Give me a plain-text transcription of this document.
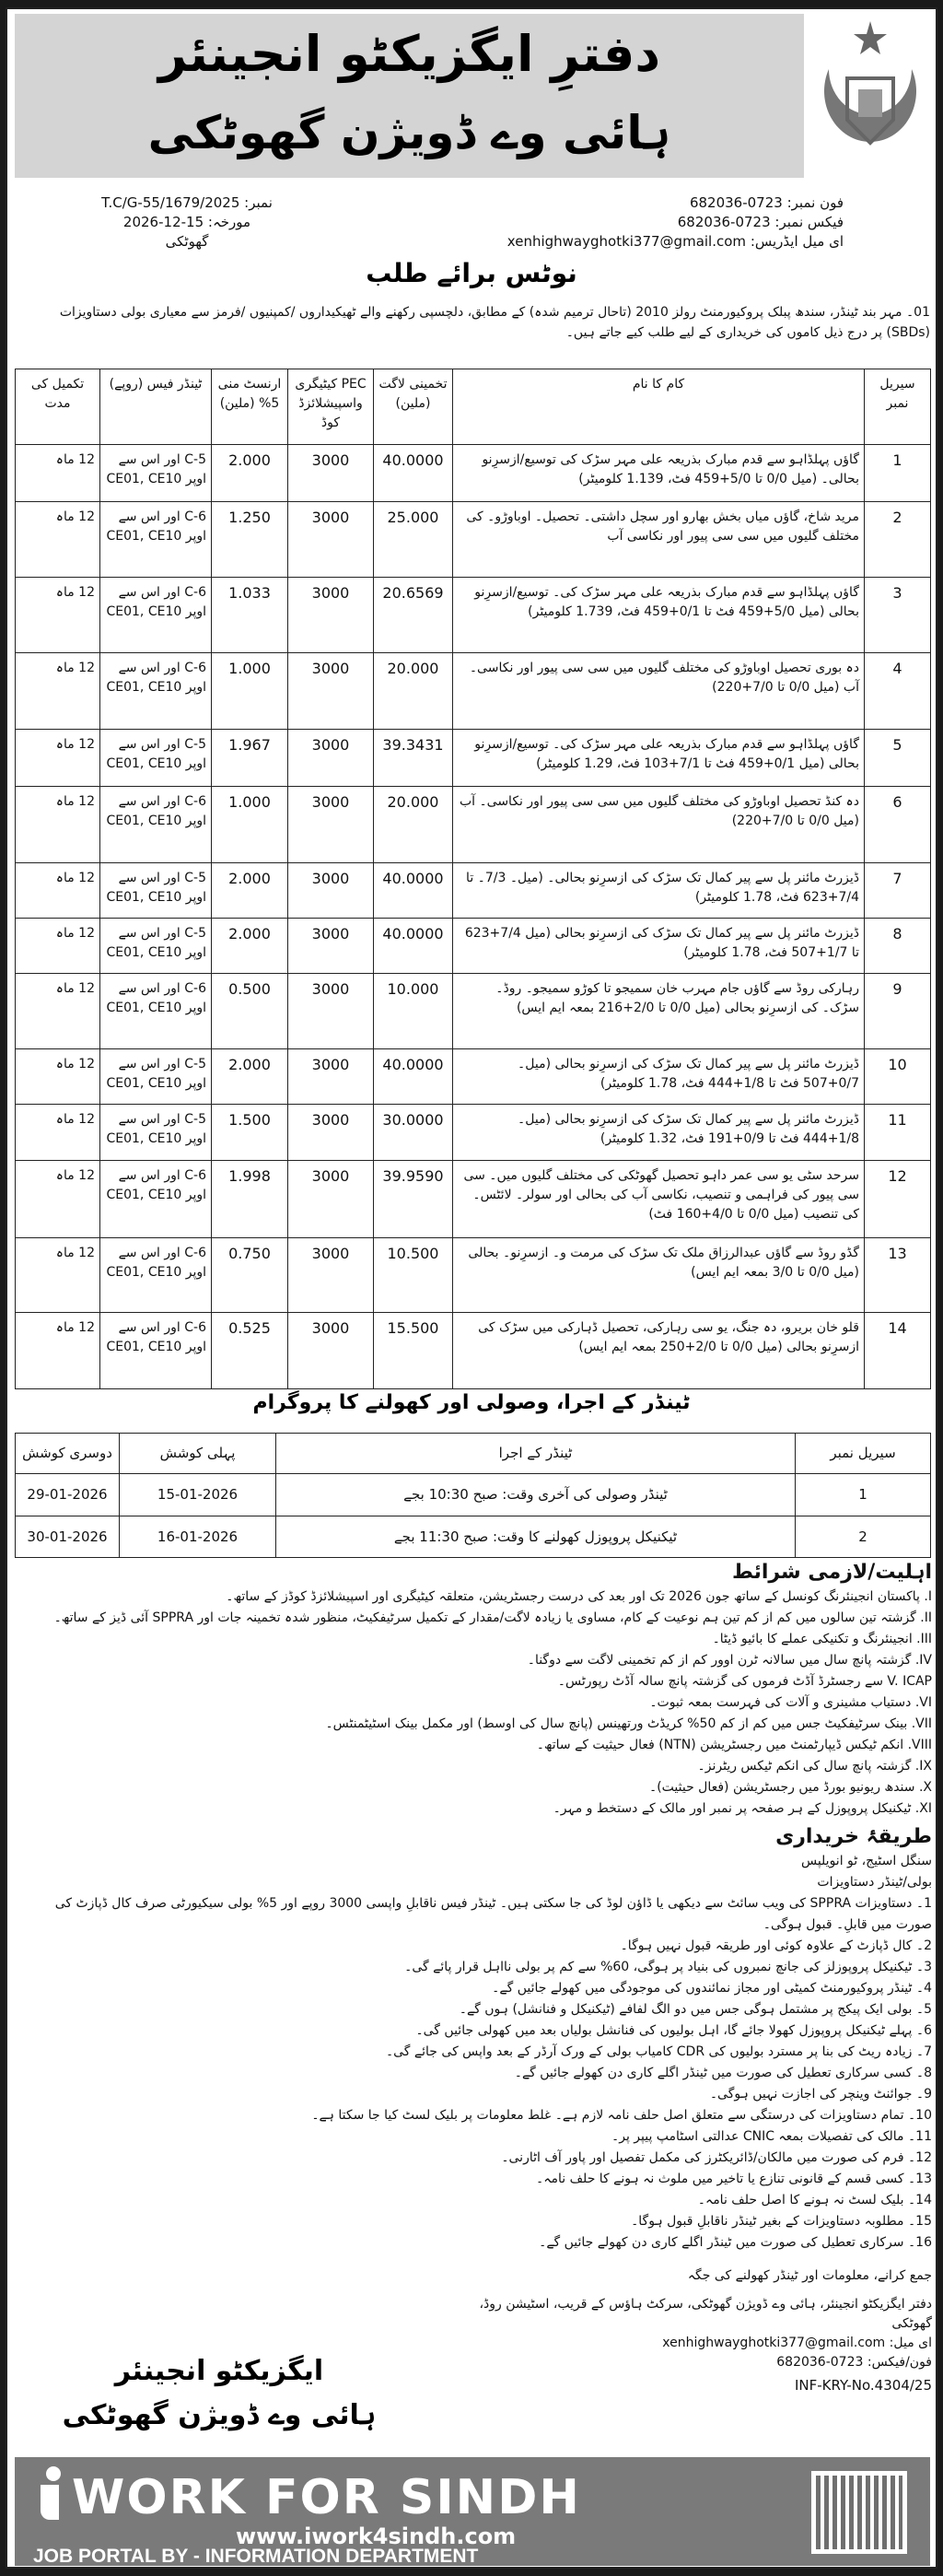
دفترِ ایگزیکٹو انجینئر
ہائی وے ڈویژن گھوٹکی
فون نمبر: 0723-682036
فیکس نمبر: 0723-682036
ای میل ایڈریس: xenhighwayghotki377@gmail.com
نمبر: T.C/G-55/1679/2025
مورخہ: 15-12-2026
گھوٹکی
نوٹس برائے طلب
01۔ مہر بند ٹینڈر، سندھ پبلک پروکیورمنٹ رولز 2010 (تاحال ترمیم شدہ) کے مطابق، دلچسپی رکھنے والے ٹھیکیداروں /کمپنیوں /فرمز سے معیاری بولی دستاویزات (SBDs) پر درج ذیل کاموں کی خریداری کے لیے طلب کیے جاتے ہیں۔
سیریل نمبر	کام کا نام	تخمینی لاگت (ملین)	PEC کیٹیگری واسپیشلائزڈ کوڈ	ارنسٹ منی 5% (ملین)	ٹینڈر فیس (روپے)	تکمیل کی مدت
1	گاؤں پہلڈاہو سے قدم مبارک بذریعہ علی مہر سڑک کی توسیع/ازسرِنو بحالی۔ (میل 0/0 تا 5/0+459 فٹ، 1.139 کلومیٹر)	40.0000	3000	2.000	C-5 اور اس سے اوپر CE01, CE10	12 ماہ
2	مرید شاخ، گاؤں میاں بخش بھارو اور سچل داشتی۔ تحصیل۔ اوباوڑو۔ کی مختلف گلیوں میں سی سی پیور اور نکاسی آب	25.000	3000	1.250	C-6 اور اس سے اوپر CE01, CE10	12 ماہ
3	گاؤں پہلڈاہو سے قدم مبارک بذریعہ علی مہر سڑک کی۔ توسیع/ازسرِنو بحالی (میل 5/0+459 فٹ تا 0/1+459 فٹ، 1.739 کلومیٹر)	20.6569	3000	1.033	C-6 اور اس سے اوپر CE01, CE10	12 ماہ
4	دہ بوری تحصیل اوباوڑو کی مختلف گلیوں میں سی سی پیور اور نکاسی۔ آب (میل 0/0 تا 7/0+220)	20.000	3000	1.000	C-6 اور اس سے اوپر CE01, CE10	12 ماہ
5	گاؤں پہلڈاہو سے قدم مبارک بذریعہ علی مہر سڑک کی۔ توسیع/ازسرِنو بحالی (میل 0/1+459 فٹ تا 7/1+103 فٹ، 1.29 کلومیٹر)	39.3431	3000	1.967	C-5 اور اس سے اوپر CE01, CE10	12 ماہ
6	دہ کنڈ تحصیل اوباوڑو کی مختلف گلیوں میں سی سی پیور اور نکاسی۔ آب (میل 0/0 تا 7/0+220)	20.000	3000	1.000	C-6 اور اس سے اوپر CE01, CE10	12 ماہ
7	ڈیزرٹ مائنر پل سے پیر کمال تک سڑک کی ازسرِنو بحالی۔ (میل۔ 7/3۔ تا 7/4+623 فٹ، 1.78 کلومیٹر)	40.0000	3000	2.000	C-5 اور اس سے اوپر CE01, CE10	12 ماہ
8	ڈیزرٹ مائنر پل سے پیر کمال تک سڑک کی ازسرِنو بحالی (میل 7/4+623 تا 1/7+507 فٹ، 1.78 کلومیٹر)	40.0000	3000	2.000	C-5 اور اس سے اوپر CE01, CE10	12 ماہ
9	رہارکی روڈ سے گاؤں جام مہرب خان سمیجو تا کوڑو سمیجو۔ روڈ۔ سڑک۔ کی ازسرِنو بحالی (میل 0/0 تا 2/0+216 بمعہ ایم ایس)	10.000	3000	0.500	C-6 اور اس سے اوپر CE01, CE10	12 ماہ
10	ڈیزرٹ مائنر پل سے پیر کمال تک سڑک کی ازسرِنو بحالی (میل۔ 0/7+507 فٹ تا 1/8+444 فٹ، 1.78 کلومیٹر)	40.0000	3000	2.000	C-5 اور اس سے اوپر CE01, CE10	12 ماہ
11	ڈیزرٹ مائنر پل سے پیر کمال تک سڑک کی ازسرِنو بحالی (میل۔ 1/8+444 فٹ تا 0/9+191 فٹ، 1.32 کلومیٹر)	30.0000	3000	1.500	C-5 اور اس سے اوپر CE01, CE10	12 ماہ
12	سرحد سٹی یو سی عمر داہو تحصیل گھوٹکی کی مختلف گلیوں میں۔ سی سی پیور کی فراہمی و تنصیب، نکاسی آب کی بحالی اور سولر۔ لائٹس۔ کی تنصیب (میل 0/0 تا 4/0+160 فٹ)	39.9590	3000	1.998	C-6 اور اس سے اوپر CE01, CE10	12 ماہ
13	گڈو روڈ سے گاؤں عبدالرزاق ملک تک سڑک کی مرمت و۔ ازسرِنو۔ بحالی (میل 0/0 تا 3/0 بمعہ ایم ایس)	10.500	3000	0.750	C-6 اور اس سے اوپر CE01, CE10	12 ماہ
14	قلو خان بریرو، دہ جنگ، یو سی رہارکی، تحصیل ڈہارکی میں سڑک کی ازسرِنو بحالی (میل 0/0 تا 2/0+250 بمعہ ایم ایس)	15.500	3000	0.525	C-6 اور اس سے اوپر CE01, CE10	12 ماہ
ٹینڈر کے اجرا، وصولی اور کھولنے کا پروگرام
سیریل نمبر	ٹینڈر کے اجرا	پہلی کوشش	دوسری کوشش
1	ٹینڈر وصولی کی آخری وقت: صبح 10:30 بجے	15-01-2026	29-01-2026
2	ٹیکنیکل پروپوزل کھولنے کا وقت: صبح 11:30 بجے	16-01-2026	30-01-2026
اہلیت/لازمی شرائط
I. پاکستان انجینئرنگ کونسل کے ساتھ جون 2026 تک اور بعد کی درست رجسٹریشن، متعلقہ کیٹیگری اور اسپیشلائزڈ کوڈز کے ساتھ۔
II. گزشتہ تین سالوں میں کم از کم تین ہم نوعیت کے کام، مساوی یا زیادہ لاگت/مقدار کے تکمیل سرٹیفکیٹ، منظور شدہ تخمینہ جات اور SPPRA آئی ڈیز کے ساتھ۔
III. انجینئرنگ و تکنیکی عملے کا بائیو ڈیٹا۔
IV. گزشتہ پانچ سال میں سالانہ ٹرن اوور کم از کم تخمینی لاگت سے دوگنا۔
V. ICAP سے رجسٹرڈ آڈٹ فرموں کی گزشتہ پانچ سالہ آڈٹ رپورٹس۔
VI. دستیاب مشینری و آلات کی فہرست بمعہ ثبوت۔
VII. بینک سرٹیفکیٹ جس میں کم از کم 50% کریڈٹ ورتھینس (پانچ سال کی اوسط) اور مکمل بینک اسٹیٹمنٹس۔
VIII. انکم ٹیکس ڈیپارٹمنٹ میں رجسٹریشن (NTN) فعال حیثیت کے ساتھ۔
IX. گزشتہ پانچ سال کی انکم ٹیکس ریٹرنز۔
X. سندھ ریونیو بورڈ میں رجسٹریشن (فعال حیثیت)۔
XI. ٹیکنیکل پروپوزل کے ہر صفحہ پر نمبر اور مالک کے دستخط و مہر۔
طریقۂ خریداری
سنگل اسٹیج، ٹو انویلپس
بولی/ٹینڈر دستاویزات
1۔ دستاویزات SPPRA کی ویب سائٹ سے دیکھی یا ڈاؤن لوڈ کی جا سکتی ہیں۔ ٹینڈر فیس ناقابلِ واپسی 3000 روپے اور 5% بولی سیکیورٹی صرف کال ڈپازٹ کی صورت میں قابلِ۔ قبول ہوگی۔
2۔ کال ڈپازٹ کے علاوہ کوئی اور طریقہ قبول نہیں ہوگا۔
3۔ ٹیکنیکل پروپوزلز کی جانچ نمبروں کی بنیاد پر ہوگی، 60% سے کم پر بولی نااہل قرار پائے گی۔
4۔ ٹینڈر پروکیورمنٹ کمیٹی اور مجاز نمائندوں کی موجودگی میں کھولے جائیں گے۔
5۔ بولی ایک پیکج پر مشتمل ہوگی جس میں دو الگ لفافے (ٹیکنیکل و فنانشل) ہوں گے۔
6۔ پہلے ٹیکنیکل پروپوزل کھولا جائے گا، اہل بولیوں کی فنانشل بولیاں بعد میں کھولی جائیں گی۔
7۔ زیادہ ریٹ کی بنا پر مسترد بولیوں کی CDR کامیاب بولی کے ورک آرڈر کے بعد واپس کی جائے گی۔
8۔ کسی سرکاری تعطیل کی صورت میں ٹینڈر اگلے کاری دن کھولے جائیں گے۔
9۔ جوائنٹ وینچر کی اجازت نہیں ہوگی۔
10۔ تمام دستاویزات کی درستگی سے متعلق اصل حلف نامہ لازم ہے۔ غلط معلومات پر بلیک لسٹ کیا جا سکتا ہے۔
11۔ مالک کی تفصیلات بمعہ CNIC عدالتی اسٹامپ پیپر پر۔
12۔ فرم کی صورت میں مالکان/ڈائریکٹرز کی مکمل تفصیل اور پاور آف اٹارنی۔
13۔ کسی قسم کے قانونی تنازع یا تاخیر میں ملوث نہ ہونے کا حلف نامہ۔
14۔ بلیک لسٹ نہ ہونے کا اصل حلف نامہ۔
15۔ مطلوبہ دستاویزات کے بغیر ٹینڈر ناقابلِ قبول ہوگا۔
16۔ سرکاری تعطیل کی صورت میں ٹینڈر اگلے کاری دن کھولے جائیں گے۔
جمع کرانے، معلومات اور ٹینڈر کھولنے کی جگہ
دفتر ایگزیکٹو انجینئر، ہائی وے ڈویژن گھوٹکی، سرکٹ ہاؤس کے قریب، اسٹیشن روڈ، گھوٹکی
ای میل: xenhighwayghotki377@gmail.com
فون/فیکس: 0723-682036
INF-KRY-No.4304/25
ایگزیکٹو انجینئر
ہائی وے ڈویژن گھوٹکی
WORK FOR SINDH
www.iwork4sindh.com
JOB PORTAL BY - INFORMATION DEPARTMENT
